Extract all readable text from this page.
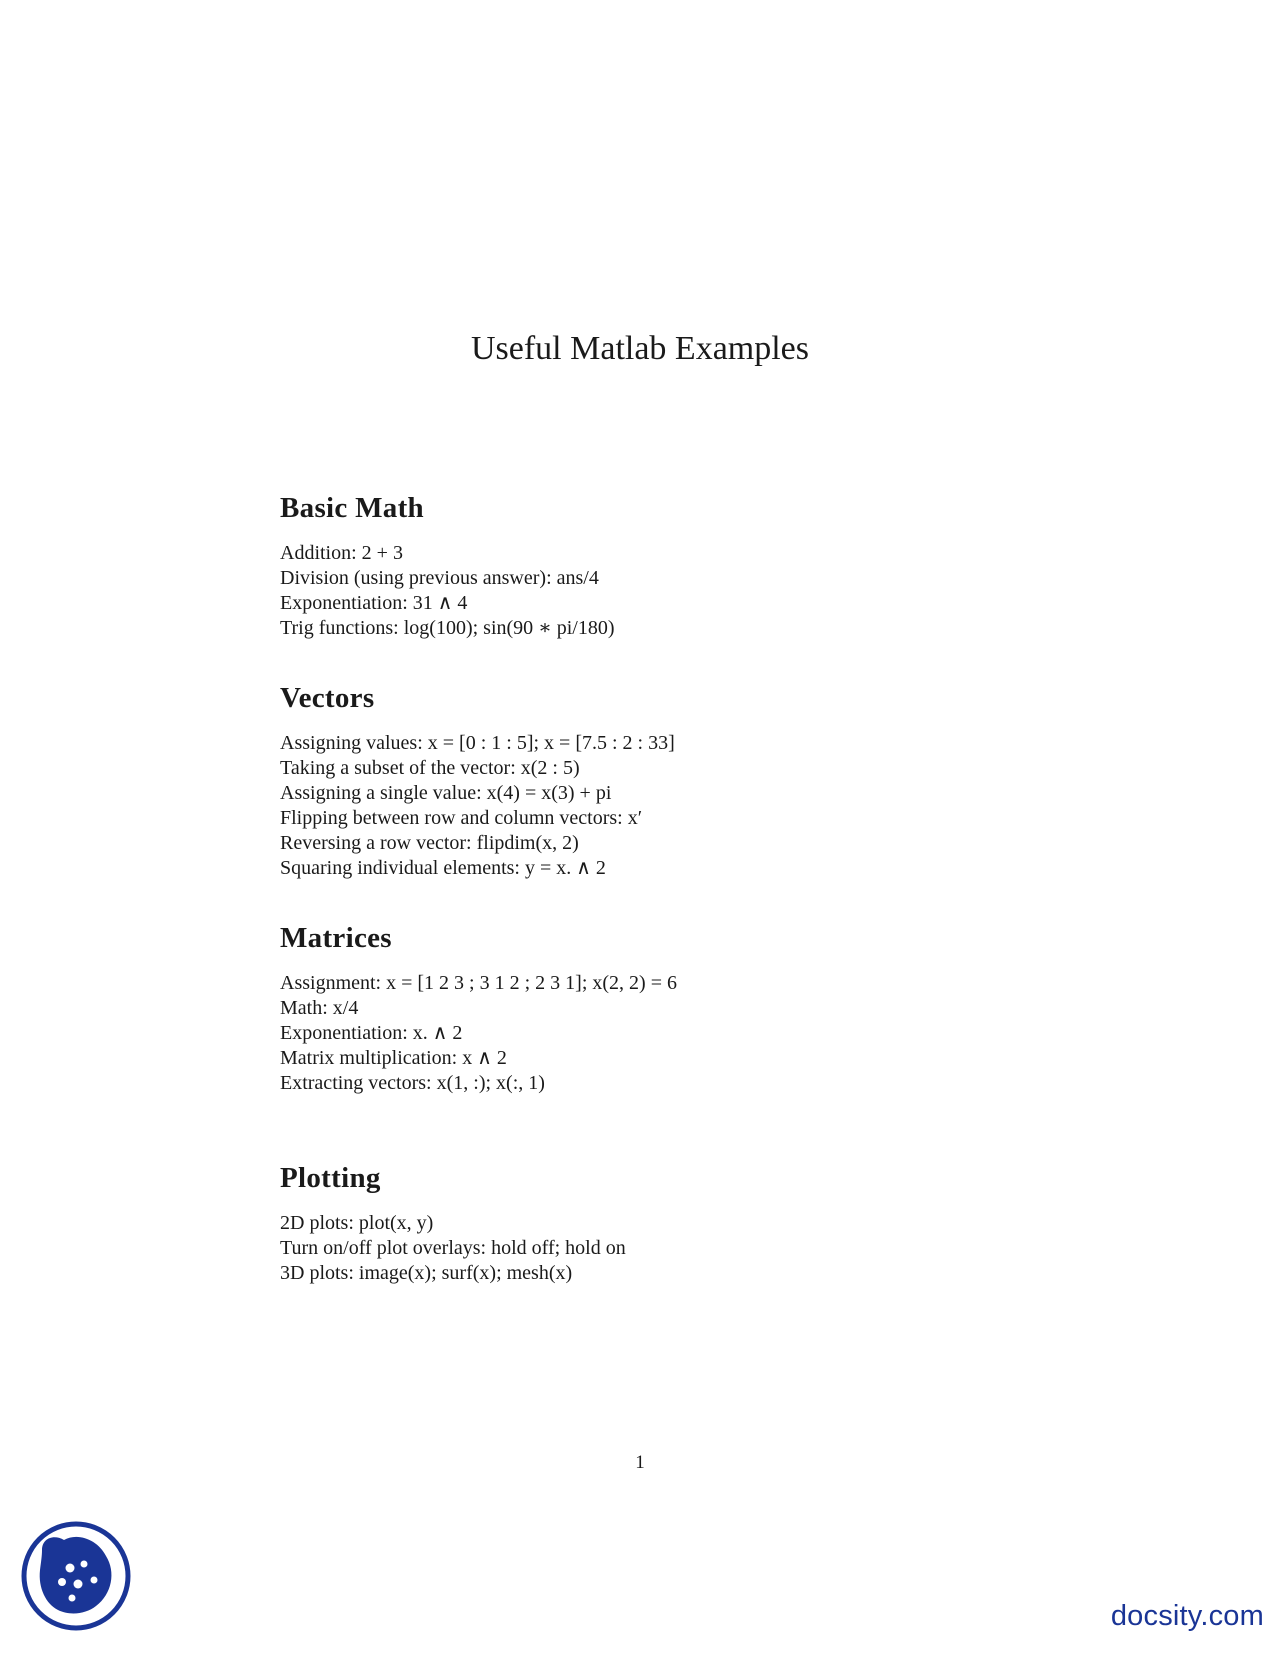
Useful Matlab Examples
Basic Math
Addition: 2 + 3
Division (using previous answer): ans/4
Exponentiation: 31 ∧ 4
Trig functions: log(100); sin(90 ∗ pi/180)
Vectors
Assigning values: x = [0 : 1 : 5]; x = [7.5 : 2 : 33]
Taking a subset of the vector: x(2 : 5)
Assigning a single value: x(4) = x(3) + pi
Flipping between row and column vectors: x′
Reversing a row vector: flipdim(x, 2)
Squaring individual elements: y = x. ∧ 2
Matrices
Assignment: x = [1 2 3 ; 3 1 2 ; 2 3 1]; x(2, 2) = 6
Math: x/4
Exponentiation: x. ∧ 2
Matrix multiplication: x ∧ 2
Extracting vectors: x(1, :); x(:, 1)
Plotting
2D plots: plot(x, y)
Turn on/off plot overlays: hold off; hold on
3D plots: image(x); surf(x); mesh(x)
1
docsity.com
